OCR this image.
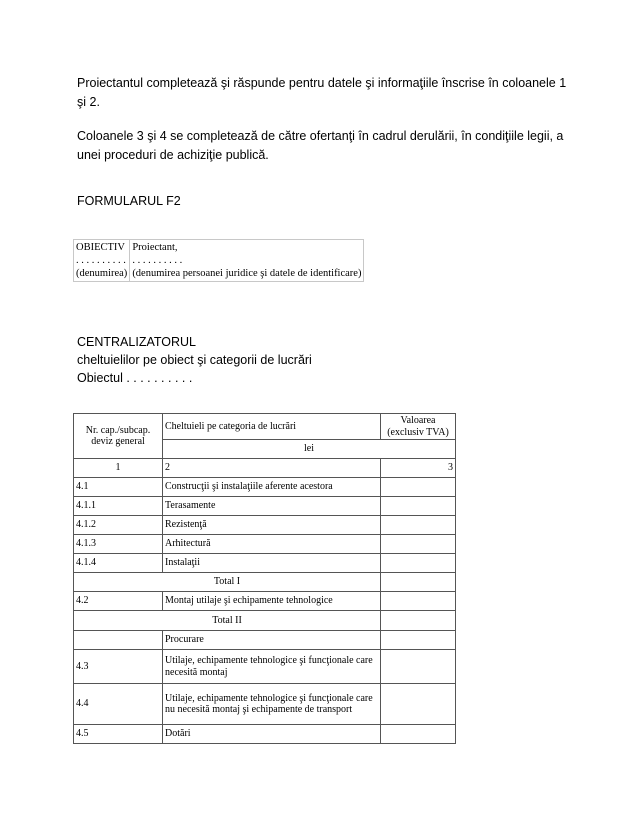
Proiectantul completează şi răspunde pentru datele şi informaţiile înscrise în coloanele 1 şi 2.
Coloanele 3 şi 4 se completează de către ofertanţi în cadrul derulării, în condiţiile legii, a unei proceduri de achiziţie publică.
FORMULARUL F2
OBIECTIV
. . . . . . . . . .
(denumirea)

Proiectant,
. . . . . . . . . .
(denumirea persoanei juridice şi datele de identificare)
CENTRALIZATORUL
cheltuielilor pe obiect şi categorii de lucrări
Obiectul . . . . . . . . . .
Nr. cap./subcap. deviz general	Cheltuieli pe categoria de lucrări	Valoarea (exclusiv TVA)
	lei	
1	2	3
4.1	Construcţii şi instalaţiile aferente acestora	
4.1.1	Terasamente	
4.1.2	Rezistenţă	
4.1.3	Arhitectură	
4.1.4	Instalaţii	
Total I		
4.2	Montaj utilaje şi echipamente tehnologice	
Total II		
	Procurare	
4.3	Utilaje, echipamente tehnologice şi funcţionale care necesită montaj	
4.4	Utilaje, echipamente tehnologice şi funcţionale care nu necesită montaj şi echipamente de transport	
4.5	Dotări	
